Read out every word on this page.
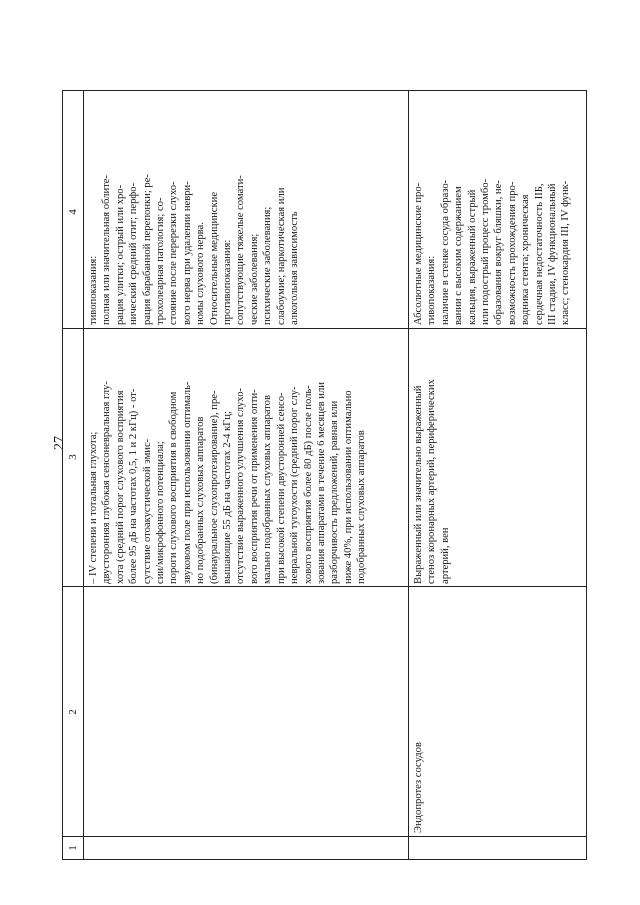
27
1
2
3
4

– IV степени и тотальная глухота; двусторонняя глубокая сенсоневральная глу- хота (средний порог слухового восприятия более 95 дБ на частотах 0,5, 1 и 2 кГц) - от- сутствие отоакустической эмис- сии/микрофонного потенциала; пороги слухового восприятия в свободном звуковом поле при использовании оптималь- но подобранных слуховых аппаратов (бинауральное слухопротезирование), пре- вышающие 55 дБ на частотах 2-4 кГц; отсутствие выраженного улучшения слухо- вого восприятия речи от применения опти- мально подобранных слуховых аппаратов при высокой степени двусторонней сенсо- невральной тугоухости (средний порог слу- хового восприятия более 80 дБ) после поль- зования аппаратами в течение 6 месяцев или разборчивость предложений, равная или ниже 40%, при использовании оптимально подобранных слуховых аппаратов

тивопоказания: полная или значительная облите- рация улитки; острый или хро- нический средний отит; перфо- рация барабанной перепонки; ре- трохолеарная патология; со- стояние после перерезки слухо- вого нерва при удалении неври- номы слухового нерва. Относительные медицинские противопоказания: сопутствующие тяжелые сомати- ческие заболевания; психические заболевания; слабоумие; наркотическая или алкогольная зависимость

Эндопротез сосудов

Выраженный или значительно выраженный стеноз коронарных артерий, периферических артерий, вен

Абсолютные медицинские про- тивопоказания: наличие в стенке сосуда образо- вании с высоким содержанием кальция, выраженный острый или подострый процесс тромбо- образования вокруг бляшки, не- возможность прохождения про- водника стента; хроническая сердечная недостаточность IIБ, III стадии, IV функциональный класс; стенокардия III, IV функ-
